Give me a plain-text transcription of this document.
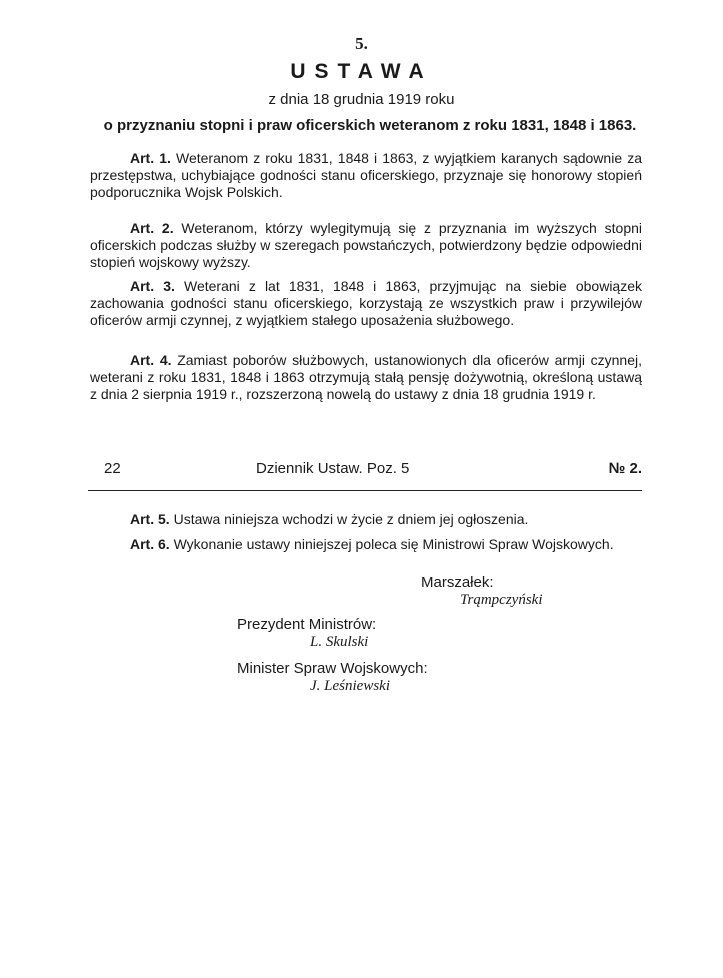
5.
USTAWA
z dnia 18 grudnia 1919 roku
o przyznaniu stopni i praw oficerskich weteranom z roku 1831, 1848 i 1863.

Art. 1. Weteranom z roku 1831, 1848 i 1863, z wyjątkiem karanych sądownie za przestępstwa, uchybiające godności stanu oficerskiego, przyznaje się honorowy stopień podporucznika Wojsk Polskich.

Art. 2. Weteranom, którzy wylegitymują się z przyznania im wyższych stopni oficerskich podczas służby w szeregach powstańczych, potwierdzony będzie odpowiedni stopień wojskowy wyższy.

Art. 3. Weterani z lat 1831, 1848 i 1863, przyjmując na siebie obowiązek zachowania godności stanu oficerskiego, korzystają ze wszystkich praw i przywilejów oficerów armji czynnej, z wyjątkiem stałego uposażenia służbowego.

Art. 4. Zamiast poborów służbowych, ustanowionych dla oficerów armji czynnej, weterani z roku 1831, 1848 i 1863 otrzymują stałą pensję dożywotnią, określoną ustawą z dnia 2 sierpnia 1919 r., rozszerzoną nowelą do ustawy z dnia 18 grudnia 1919 r.

22	Dziennik Ustaw. Poz. 5	№ 2.

Art. 5. Ustawa niniejsza wchodzi w życie z dniem jej ogłoszenia.

Art. 6. Wykonanie ustawy niniejszej poleca się Ministrowi Spraw Wojskowych.

Marszałek:
Trąmpczyński
Prezydent Ministrów:
L. Skulski
Minister Spraw Wojskowych:
J. Leśniewski
